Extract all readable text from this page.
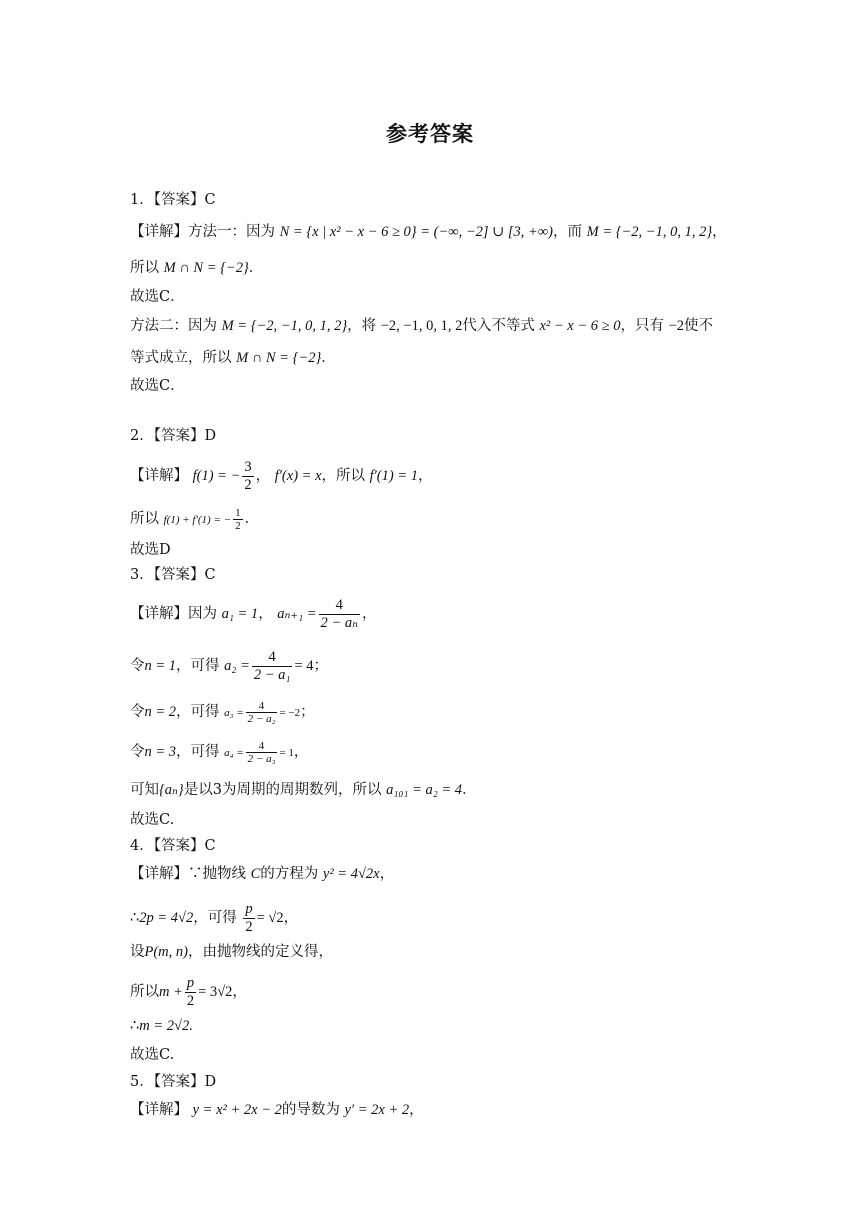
参考答案
1．【答案】C
【详解】方法一：因为 N = {x | x² − x − 6 ≥ 0} = (−∞, −2] ∪ [3, +∞)，而 M = {−2, −1, 0, 1, 2}，
所以 M ∩ N = {−2}．
故选C．
方法二：因为 M = {−2, −1, 0, 1, 2}，将 −2, −1, 0, 1, 2代入不等式 x² − x − 6 ≥ 0，只有 −2使不
等式成立，所以 M ∩ N = {−2}．
故选C．
2．【答案】D
【详解】 f(1) = − $\frac{3}{2}$ ， f′(x) = x，所以 f′(1) = 1，
所以 f(1) + f′(1) = − $\frac{1}{2}$ ．
故选D
3．【答案】C
【详解】因为 a₁ = 1， $a_{n+1} = \frac{4}{\text{2 − aₙ}}$ ，
令n = 1，可得 $a_2 = \frac{4}{\text{2 − a₁}} = 4$；
令n = 2，可得 $a_3 = \frac{4}{\text{2 − a₂}} = -2$；
令n = 3，可得 $a_4 = \frac{4}{\text{2 − a₃}} = 1$，
可知{aₙ}是以3为周期的周期数列，所以 a₁₀₁ = a₂ = 4．
故选C.
4．【答案】C
【详解】∵抛物线 C的方程为 y² = 4√2x，
∴2p = 4√2，可得 $\frac{p}{2} = √2$，
设P(m, n)，由抛物线的定义得，
所以$m + \frac{p}{2} = 3√2$，
∴m = 2√2.
故选C.
5．【答案】D
【详解】 y = x² + 2x − 2的导数为 y′ = 2x + 2，
